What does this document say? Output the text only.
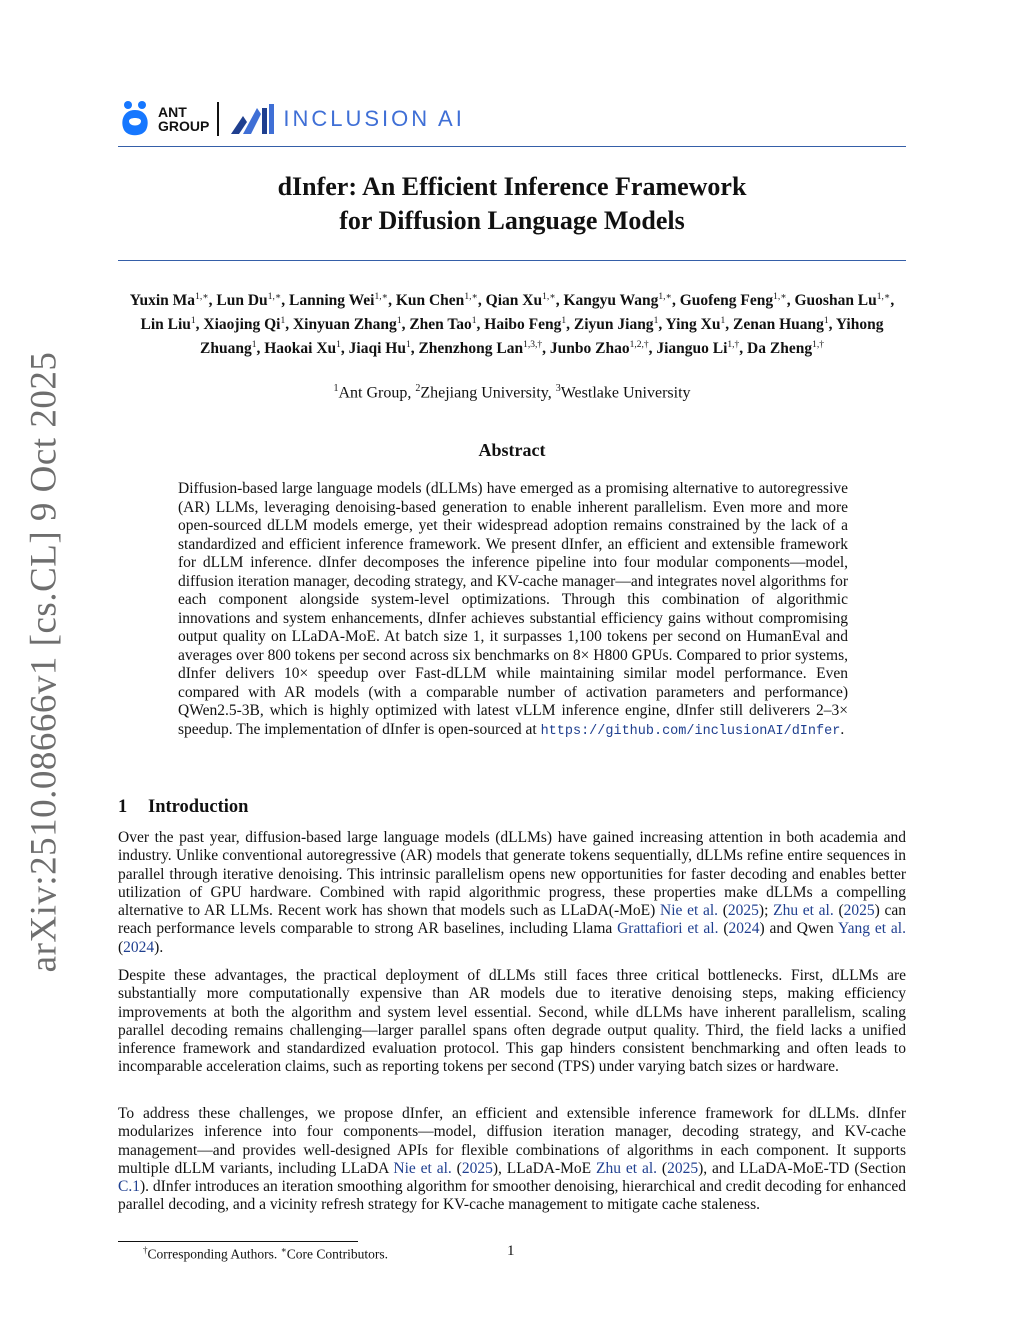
arXiv:2510.08666v1 [cs.CL] 9 Oct 2025
ANT
GROUP	INCLUSION AI
dInfer: An Efficient Inference Framework
for Diffusion Language Models
Yuxin $Ma^{1,∗}$, Lun $Du^{1,∗}$, Lanning Wei$^{1,∗}$, Kun Chen$^{1,∗}$, Qian $Xu^{1,∗}$, Kangyu Wang$^{1,∗}$, Guofeng Feng$^{1,∗}$, Guoshan $Lu^{1,∗}$, Lin Liu$^1$, Xiaojing Qi$^1$, Xinyuan Zhang$^1$, Zhen Tao$^1$, Haibo Feng$^1$, Ziyun Jiang$^1$, Ying Xu$^1$, Zenan Huang$^1$, Yihong Zhuang$^1$, Haokai Xu$^1$, Jiaqi Hu$^1$, Zhenzhong Lan$^{1,3,\dagger}$, Junbo Zhao$^{1,2,\dagger}$, Jianguo $Li^{1,\dagger}$, Da Zheng$^{1,\dagger}$
$^1$Ant Group, $^2$Zhejiang University, $^3$Westlake University
Abstract
Diffusion-based large language models (dLLMs) have emerged as a promising alternative to autoregressive (AR) LLMs, leveraging denoising-based generation to enable inherent parallelism. Even more and more open-sourced dLLM models emerge, yet their widespread adoption remains constrained by the lack of a standardized and efficient inference framework. We present dInfer, an efficient and extensible framework for dLLM inference. dInfer decomposes the inference pipeline into four modular components—model, diffusion iteration manager, decoding strategy, and KV-cache manager—and integrates novel algorithms for each component alongside system-level optimizations. Through this combination of algorithmic innovations and system enhancements, dInfer achieves substantial efficiency gains without compromising output quality on LLaDA-MoE. At batch size 1, it surpasses 1,100 tokens per second on HumanEval and averages over 800 tokens per second across six benchmarks on 8× H800 GPUs. Compared to prior systems, dInfer delivers 10× speedup over Fast-dLLM while maintaining similar model performance. Even compared with AR models (with a comparable number of activation parameters and performance) QWen2.5-3B, which is highly optimized with latest vLLM inference engine, dInfer still deliverers 2–3× speedup. The implementation of dInfer is open-sourced at https://github.com/inclusionAI/dInfer.
1 Introduction
Over the past year, diffusion-based large language models (dLLMs) have gained increasing attention in both academia and industry. Unlike conventional autoregressive (AR) models that generate tokens sequentially, dLLMs refine entire sequences in parallel through iterative denoising. This intrinsic parallelism opens new opportunities for faster decoding and enables better utilization of GPU hardware. Combined with rapid algorithmic progress, these properties make dLLMs a compelling alternative to AR LLMs. Recent work has shown that models such as LLaDA(-MoE) Nie et al. (2025); Zhu et al. (2025) can reach performance levels comparable to strong AR baselines, including Llama Grattafiori et al. (2024) and Qwen Yang et al. (2024).
Despite these advantages, the practical deployment of dLLMs still faces three critical bottlenecks. First, dLLMs are substantially more computationally expensive than AR models due to iterative denoising steps, making efficiency improvements at both the algorithm and system level essential. Second, while dLLMs have inherent parallelism, scaling parallel decoding remains challenging—larger parallel spans often degrade output quality. Third, the field lacks a unified inference framework and standardized evaluation protocol. This gap hinders consistent benchmarking and often leads to incomparable acceleration claims, such as reporting tokens per second (TPS) under varying batch sizes or hardware.
To address these challenges, we propose dInfer, an efficient and extensible inference framework for dLLMs. dInfer modularizes inference into four components—model, diffusion iteration manager, decoding strategy, and KV-cache management—and provides well-designed APIs for flexible combinations of algorithms in each component. It supports multiple dLLM variants, including LLaDA Nie et al. (2025), LLaDA-MoE Zhu et al. (2025), and LLaDA-MoE-TD (Section C.1). dInfer introduces an iteration smoothing algorithm for smoother denoising, hierarchical and credit decoding for enhanced parallel decoding, and a vicinity refresh strategy for KV-cache management to mitigate cache staleness.
†Corresponding Authors. ∗Core Contributors.	1
